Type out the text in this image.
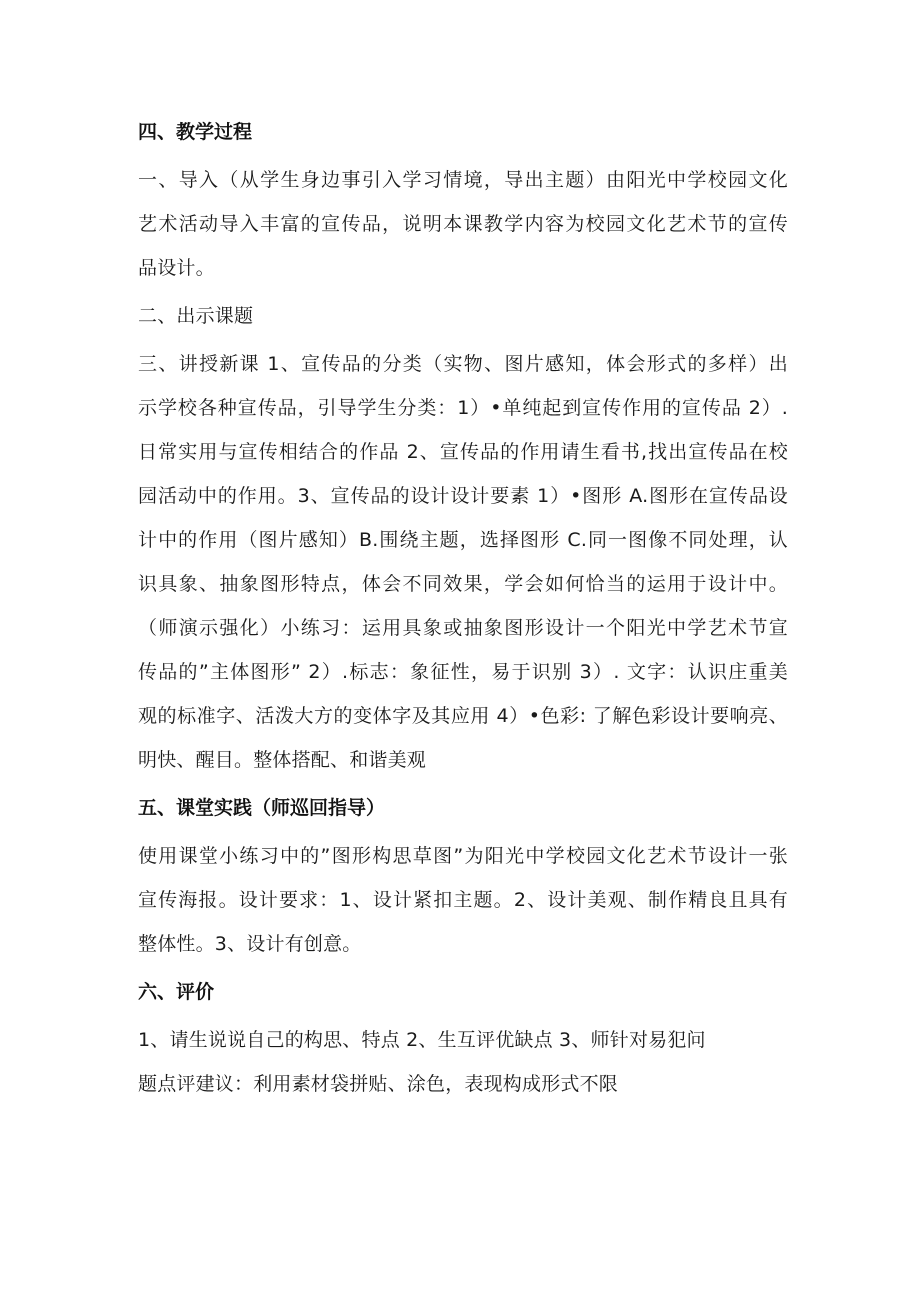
四、教学过程
一、导入（从学生身边事引入学习情境，导出主题）由阳光中学校园文化
艺术活动导入丰富的宣传品，说明本课教学内容为校园文化艺术节的宣传
品设计。
二、出示课题
三、讲授新课 1、宣传品的分类（实物、图片感知，体会形式的多样）出
示学校各种宣传品，引导学生分类：1）•单纯起到宣传作用的宣传品 2）.
日常实用与宣传相结合的作品 2、宣传品的作用请生看书,找出宣传品在校
园活动中的作用。3、宣传品的设计设计要素 1）•图形 A.图形在宣传品设
计中的作用（图片感知）B.围绕主题，选择图形 C.同一图像不同处理，认
识具象、抽象图形特点，体会不同效果，学会如何恰当的运用于设计中。
（师演示强化）小练习：运用具象或抽象图形设计一个阳光中学艺术节宣
传品的”主体图形” 2）.标志：象征性，易于识别 3）. 文字：认识庄重美
观的标准字、活泼大方的变体字及其应用 4）•色彩: 了解色彩设计要响亮、
明快、醒目。整体搭配、和谐美观
五、课堂实践（师巡回指导）
使用课堂小练习中的”图形构思草图”为阳光中学校园文化艺术节设计一张
宣传海报。设计要求：1、设计紧扣主题。2、设计美观、制作精良且具有
整体性。3、设计有创意。
六、评价
1、请生说说自己的构思、特点 2、生互评优缺点 3、师针对易犯问
题点评建议：利用素材袋拼贴、涂色，表现构成形式不限
